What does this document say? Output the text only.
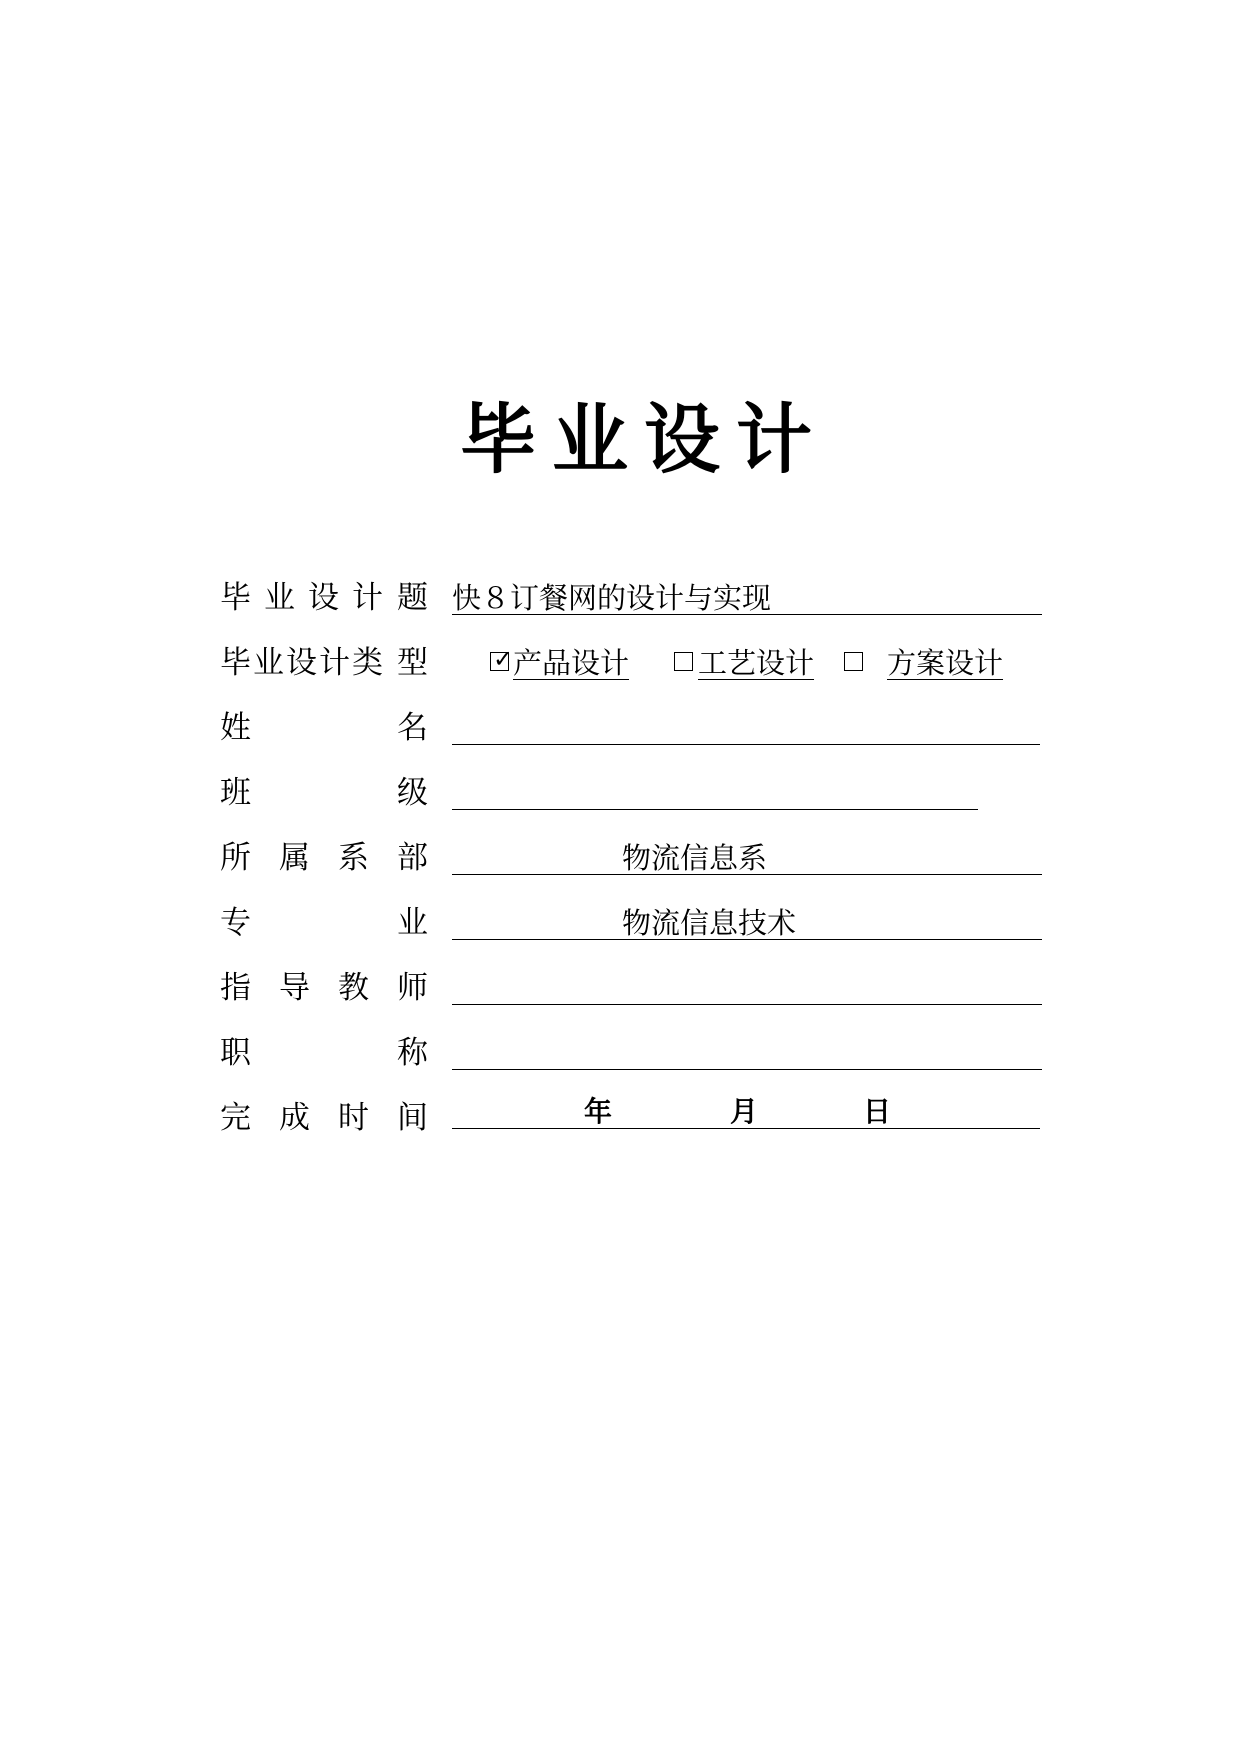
毕 业 设 计
毕 业 设 计 题 快８订餐网的设计与实现
毕 业 设 计 类 型	✓ 产品设计 工艺设计	方案设计
姓	名
班	级
所 属 系 部	物流信息系
专	业	物流信息技术
指 导 教 师
职	称
完 成 时 间	年	月	日
